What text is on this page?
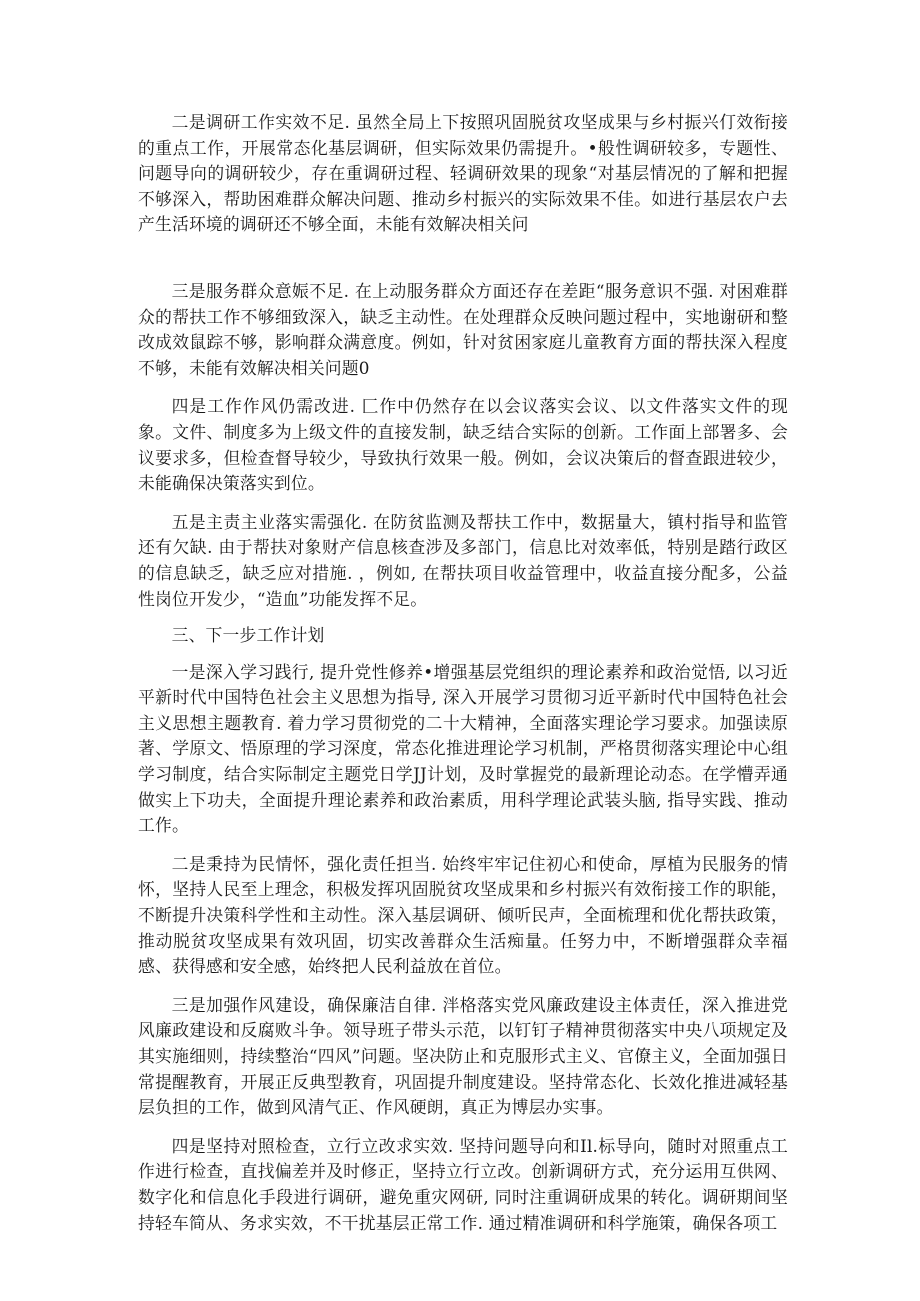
二是调研工作实效不足. 虽然全局上下按照巩固脱贫攻坚成果与乡村振兴仃效衔接的重点工作，开展常态化基层调研，但实际效果仍需提升。•般性调研较多，专题性、问题导向的调研较少，存在重调研过程、轻调研效果的现象“对基层情况的了解和把握不够深入，帮助困难群众解决问题、推动乡村振兴的实际效果不佳。如进行基层农户去产生活环境的调研还不够全面，未能有效解决相关问

三是服务群众意娠不足. 在上动服务群众方面还存在差距“服务意识不强. 对困难群众的帮扶工作不够细致深入，缺乏主动性。在处理群众反映问题过程中，实地谢研和整改成效鼠踪不够，影响群众满意度。例如，针对贫困家庭儿童教育方面的帮扶深入程度不够，未能有效解决相关问题0

四是工作作风仍需改进. 匚作中仍然存在以会议落实会议、以文件落实文件的现象。文件、制度多为上级文件的直接发制，缺乏结合实际的创新。工作面上部署多、会议要求多，但检查督导较少，导致执行效果一般。例如，会议决策后的督查跟进较少，未能确保决策落实到位。

五是主责主业落实需强化. 在防贫监测及帮扶工作中，数据量大，镇村指导和监管还有欠缺. 由于帮扶对象财产信息核查涉及多部门，信息比对效率低，特别是踏行政区的信息缺乏，缺乏应对措施. ，例如, 在帮扶项目收益管理中，收益直接分配多，公益性岗位开发少，“造血”功能发挥不足。

三、下一步工作计划

一是深入学习践行, 提升党性修养•增强基层党组织的理论素养和政治觉悟, 以习近平新时代中国特色社会主义思想为指导, 深入开展学习贯彻习近平新时代中国特色社会主义思想主题教育. 着力学习贯彻党的二十大精神，全面落实理论学习要求。加强读原著、学原文、悟原理的学习深度，常态化推进理论学习机制，严格贯彻落实理论中心组学习制度，结合实际制定主题党日学JJ计划，及时掌握党的最新理论动态。在学懵弄通做实上下功夫，全面提升理论素养和政治素质，用科学理论武装头脑, 指导实践、推动工作。

二是秉持为民情怀，强化责任担当. 始终牢牢记住初心和使命，厚植为民服务的情怀，坚持人民至上理念，积极发挥巩固脱贫攻坚成果和乡村振兴有效衔接工作的职能，不断提升决策科学性和主动性。深入基层调研、倾听民声，全面梳理和优化帮扶政策，推动脱贫攻坚成果有效巩固，切实改善群众生活痴量。任努力中，不断增强群众幸福感、获得感和安全感，始终把人民利益放在首位。

三是加强作风建设，确保廉洁自律. 泮格落实党风廉政建设主体责任，深入推进党风廉政建设和反腐败斗争。领导班子带头示范，以钉钉子精神贯彻落实中央八项规定及其实施细则，持续整治“四风”问题。坚决防止和克服形式主义、官僚主义，全面加强日常提醒教育，开展正反典型教育，巩固提升制度建设。坚持常态化、长效化推进减轻基层负担的工作，做到风清气正、作风硬朗，真正为博层办实事。

四是坚持对照检查，立行立改求实效. 坚持问题导向和Il.标导向，随时对照重点工作进行检查，直找偏差并及时修正，坚持立行立改。创新调研方式，充分运用互供网、数字化和信息化手段进行调研，避免重灾网研, 同时注重调研成果的转化。调研期间坚持轻车简从、务求实效，不干扰基层正常工作. 通过精准调研和科学施策，确保各项工
